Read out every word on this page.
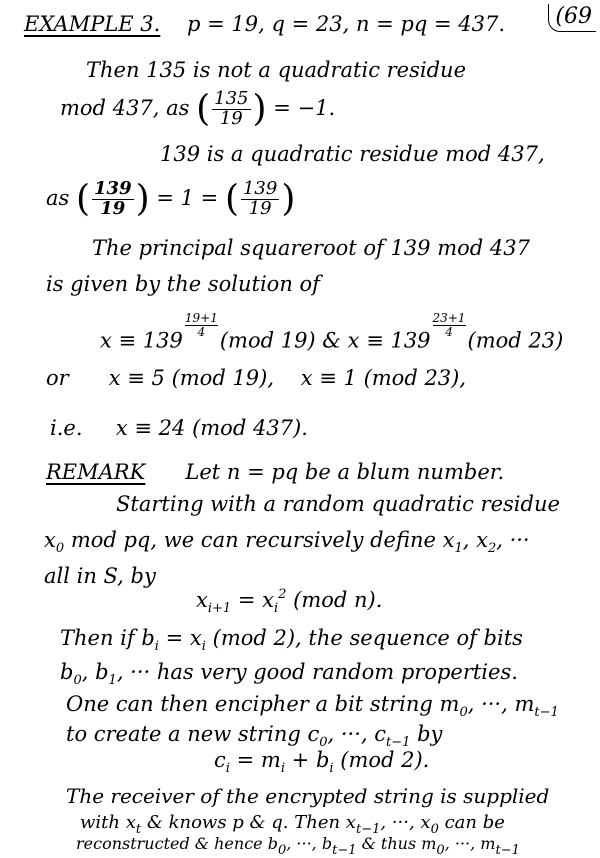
(69
EXAMPLE 3. p = 19, q = 23, n = pq = 437.
Then 135 is not a quadratic residue
mod 437, as ( $\frac{135}{19}$ ) = −1.
139 is a quadratic residue mod 437,
as ( $\frac{139}{19}$ ) = 1 = ( $\frac{139}{19}$ )
The principal squareroot of 139 mod 437
is given by the solution of
x ≡ 139
$\frac{19+1}{4}$
(mod 19) & x ≡ 139
$\frac{23+1}{4}$
(mod 23)
or x ≡ 5 (mod 19), x ≡ 1 (mod 23),
i.e. x ≡ 24 (mod 437).
REMARK Let n = pq be a blum number.
Starting with a random quadratic residue
$x_0$ mod pq, we can recursively define $x_1$, $x_2$, ···
all in S, by
$x_{i+1} = x_i^2$ (mod n).
Then if $b_i = x_i$ (mod 2), the sequence of bits
$b_0$, $b_1$, ··· has very good random properties.
One can then encipher a bit string $m_0$, ···, $m_{t-1}$
to create a new string $c_0$, ···, $c_{t-1}$ by
$c_i = m_i + b_i$ (mod 2).
The receiver of the encrypted string is supplied
with $x_t$ & knows p & q. Then $x_{t-1}$, ···, $x_0$ can be
reconstructed & hence $b_0$, ···, $b_{t-1}$ & thus $m_0$, ···, $m_{t-1}$
